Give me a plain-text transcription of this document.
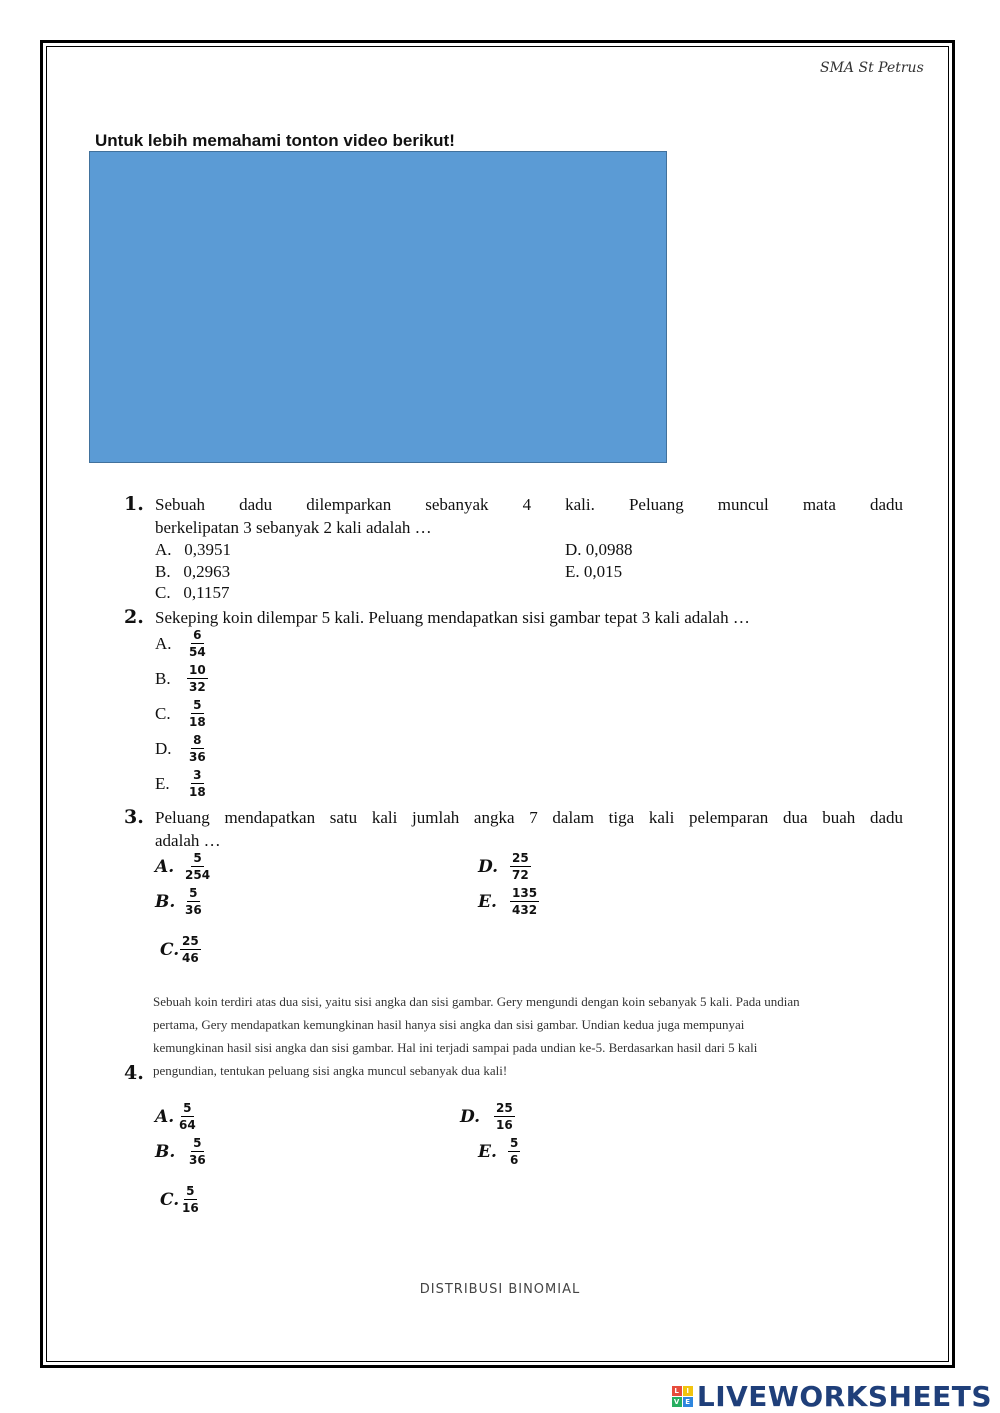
SMA St Petrus
Untuk lebih memahami tonton video berikut!
1. Sebuah dadu dilemparkan sebanyak 4 kali. Peluang muncul mata dadu
berkelipatan 3 sebanyak 2 kali adalah …
A.   0,3951
B.   0,2963
C.   0,1157
D. 0,0988
E. 0,015
2. Sekeping koin dilempar 5 kali. Peluang mendapatkan sisi gambar tepat 3 kali adalah …
A. $\frac{6}{54}$
B. $\frac{10}{32}$
C. $\frac{5}{18}$
D. $\frac{8}{36}$
E. $\frac{3}{18}$
3. Peluang mendapatkan satu kali jumlah angka 7 dalam tiga kali pelemparan dua buah dadu
adalah …
A. $\frac{5}{254}$
B. $\frac{5}{36}$
C. $\frac{25}{46}$
D. $\frac{25}{72}$
E. $\frac{135}{432}$
Sebuah koin terdiri atas dua sisi, yaitu sisi angka dan sisi gambar. Gery mengundi dengan koin sebanyak 5 kali. Pada undian
pertama, Gery mendapatkan kemungkinan hasil hanya sisi angka dan sisi gambar. Undian kedua juga mempunyai
kemungkinan hasil sisi angka dan sisi gambar. Hal ini terjadi sampai pada undian ke-5. Berdasarkan hasil dari 5 kali
pengundian, tentukan peluang sisi angka muncul sebanyak dua kali!
4.
A. $\frac{5}{64}$
B. $\frac{5}{36}$
C. $\frac{5}{16}$
D. $\frac{25}{16}$
E. $\frac{5}{6}$
DISTRIBUSI BINOMIAL
L I
V E LIVEWORKSHEETS
